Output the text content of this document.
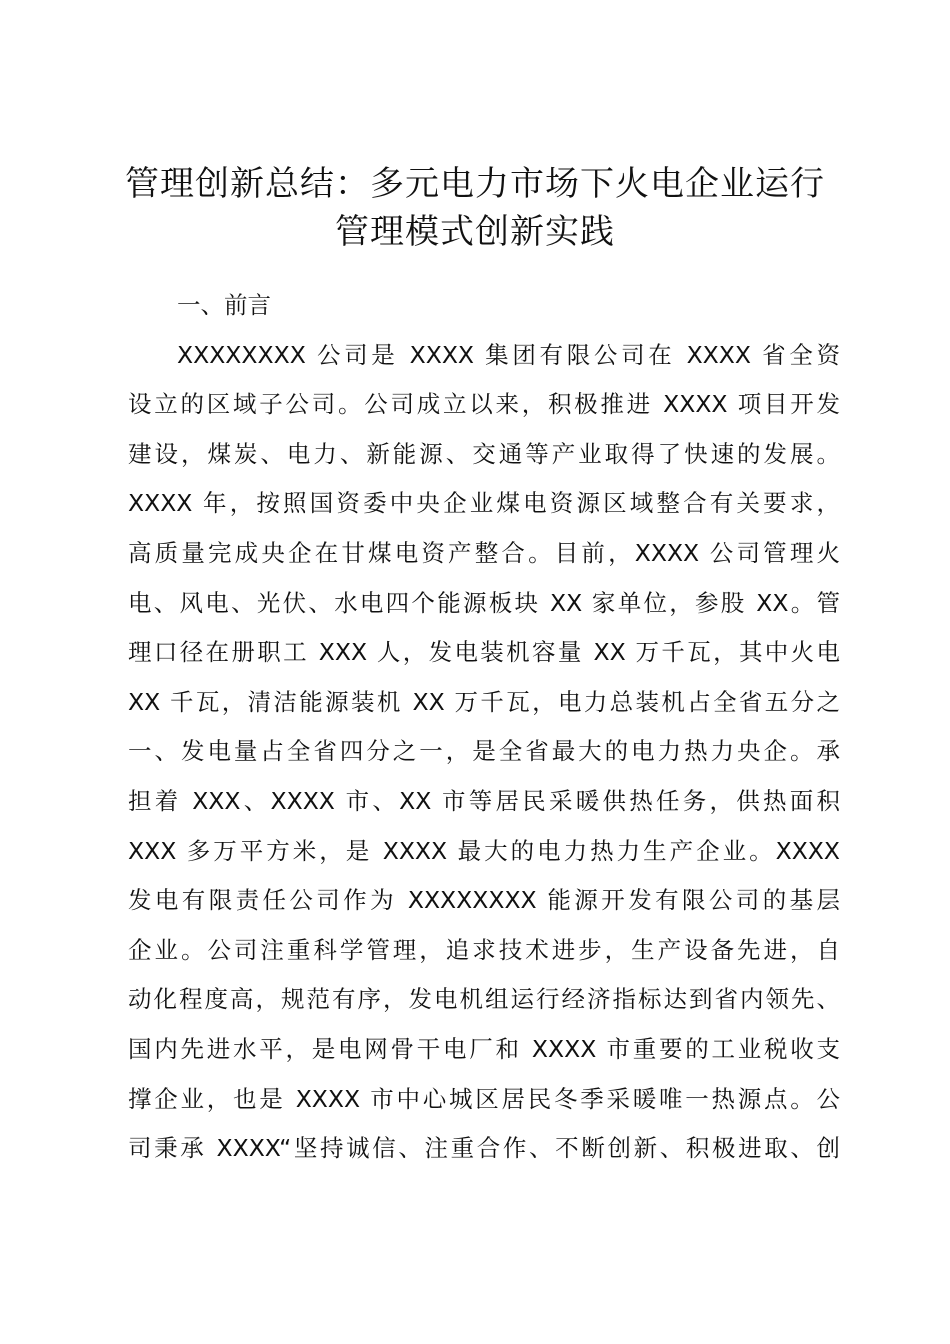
管理创新总结：多元电力市场下火电企业运行
管理模式创新实践
一、前言
XXXXXXXX 公司是 XXXX 集团有限公司在 XXXX 省全资
设立的区域子公司。公司成立以来，积极推进 XXXX 项目开发
建设，煤炭、电力、新能源、交通等产业取得了快速的发展。
XXXX 年，按照国资委中央企业煤电资源区域整合有关要求，
高质量完成央企在甘煤电资产整合。目前，XXXX 公司管理火
电、风电、光伏、水电四个能源板块 XX 家单位，参股 XX。管
理口径在册职工 XXX 人，发电装机容量 XX 万千瓦，其中火电
XX 千瓦，清洁能源装机 XX 万千瓦，电力总装机占全省五分之
一、发电量占全省四分之一，是全省最大的电力热力央企。承
担着 XXX、XXXX 市、XX 市等居民采暖供热任务，供热面积
XXX 多万平方米，是 XXXX 最大的电力热力生产企业。XXXX
发电有限责任公司作为 XXXXXXXX 能源开发有限公司的基层
企业。公司注重科学管理，追求技术进步，生产设备先进，自
动化程度高，规范有序，发电机组运行经济指标达到省内领先、
国内先进水平，是电网骨干电厂和 XXXX 市重要的工业税收支
撑企业，也是 XXXX 市中心城区居民冬季采暖唯一热源点。公
司秉承 XXXX“坚持诚信、注重合作、不断创新、积极进取、创
